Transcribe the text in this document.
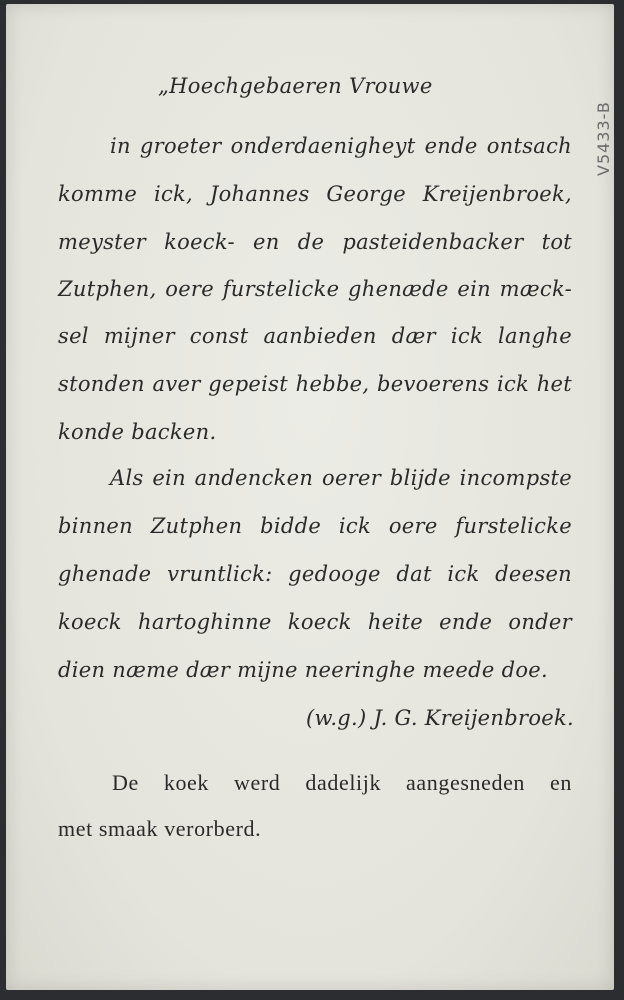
„Hoechgebaeren Vrouwe
in groeter onderdaenigheyt ende ontsach
komme ick, Johannes George Kreijenbroek,
meyster koeck- en de pasteidenbacker tot
Zutphen, oere furstelicke ghenæde ein mæck-
sel mijner const aanbieden dær ick langhe
stonden aver gepeist hebbe, bevoerens ick het
konde backen.
Als ein andencken oerer blijde incompste
binnen Zutphen bidde ick oere furstelicke
ghenade vruntlick: gedooge dat ick deesen
koeck hartoghinne koeck heite ende onder
dien næme dær mijne neeringhe meede doe.
(w.g.) J. G. Kreijenbroek.
De koek werd dadelijk aangesneden en
met smaak verorberd.
V5433-B
